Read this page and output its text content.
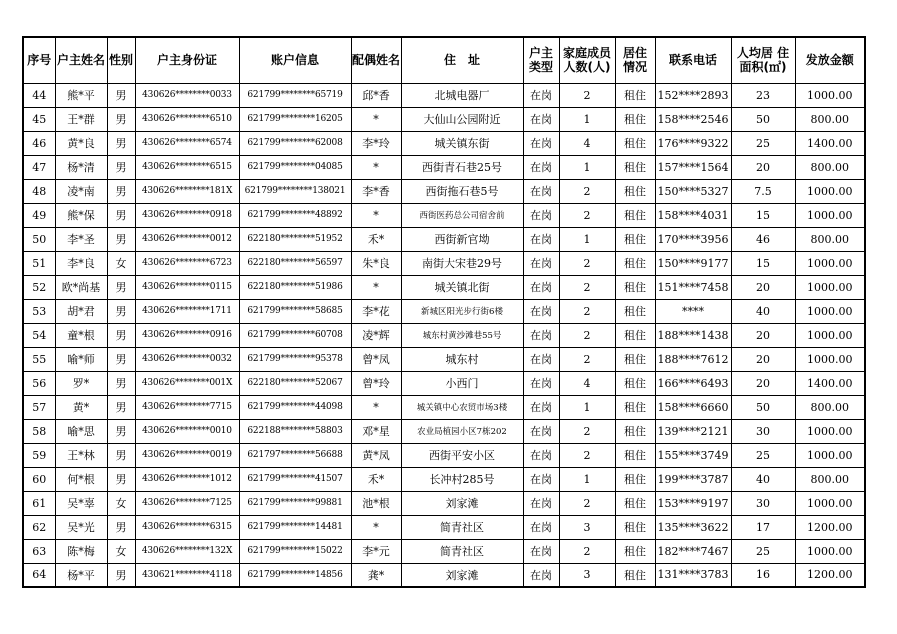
序号	户主姓名	性别	户主身份证	账户信息	配偶姓名	住　址	户主类型	家庭成员人数(人)	居住情况	联系电话	人均居 住面积(㎡)	发放金额
44	熊*平	男	430626********0033	621799********65719	邱*香	北城电器厂	在岗	2	租住	152****2893	23	1000.00
45	王*群	男	430626********6510	621799********16205	*	大仙山公园附近	在岗	1	租住	158****2546	50	800.00
46	黄*良	男	430626********6574	621799********62008	李*玲	城关镇东街	在岗	4	租住	176****9322	25	1400.00
47	杨*清	男	430626********6515	621799********04085	*	西街青石巷25号	在岗	1	租住	157****1564	20	800.00
48	凌*南	男	430626********181X	621799********138021	李*香	西街拖石巷5号	在岗	2	租住	150****5327	7.5	1000.00
49	熊*保	男	430626********0918	621799********48892	*	西街医药总公司宿舍前	在岗	2	租住	158****4031	15	1000.00
50	李*圣	男	430626********0012	622180********51952	禾*	西街新官坳	在岗	1	租住	170****3956	46	800.00
51	李*良	女	430626********6723	622180********56597	朱*良	南街大宋巷29号	在岗	2	租住	150****9177	15	1000.00
52	欧*尚基	男	430626********0115	622180********51986	*	城关镇北街	在岗	2	租住	151****7458	20	1000.00
53	胡*君	男	430626********1711	621799********58685	李*花	新城区阳光步行街6楼	在岗	2	租住	****	40	1000.00
54	童*根	男	430626********0916	621799********60708	凌*辉	城东村黄沙滩巷55号	在岗	2	租住	188****1438	20	1000.00
55	喻*师	男	430626********0032	621799********95378	曾*凤	城东村	在岗	2	租住	188****7612	20	1000.00
56	罗*	男	430626********001X	622180********52067	曾*玲	小西门	在岗	4	租住	166****6493	20	1400.00
57	黄*	男	430626********7715	621799********44098	*	城关镇中心农贸市场3楼	在岗	1	租住	158****6660	50	800.00
58	喻*思	男	430626********0010	622188********58803	邓*星	农业局植园小区7栋202	在岗	2	租住	139****2121	30	1000.00
59	王*林	男	430626********0019	621797********56688	黄*凤	西街平安小区	在岗	2	租住	155****3749	25	1000.00
60	何*根	男	430626********1012	621799********41507	禾*	长冲村285号	在岗	1	租住	199****3787	40	800.00
61	吴*辜	女	430626********7125	621799********99881	池*根	刘家滩	在岗	2	租住	153****9197	30	1000.00
62	吴*光	男	430626********6315	621799********14481	*	简青社区	在岗	3	租住	135****3622	17	1200.00
63	陈*梅	女	430626********132X	621799********15022	李*元	简青社区	在岗	2	租住	182****7467	25	1000.00
64	杨*平	男	430621********4118	621799********14856	龚*	刘家滩	在岗	3	租住	131****3783	16	1200.00
